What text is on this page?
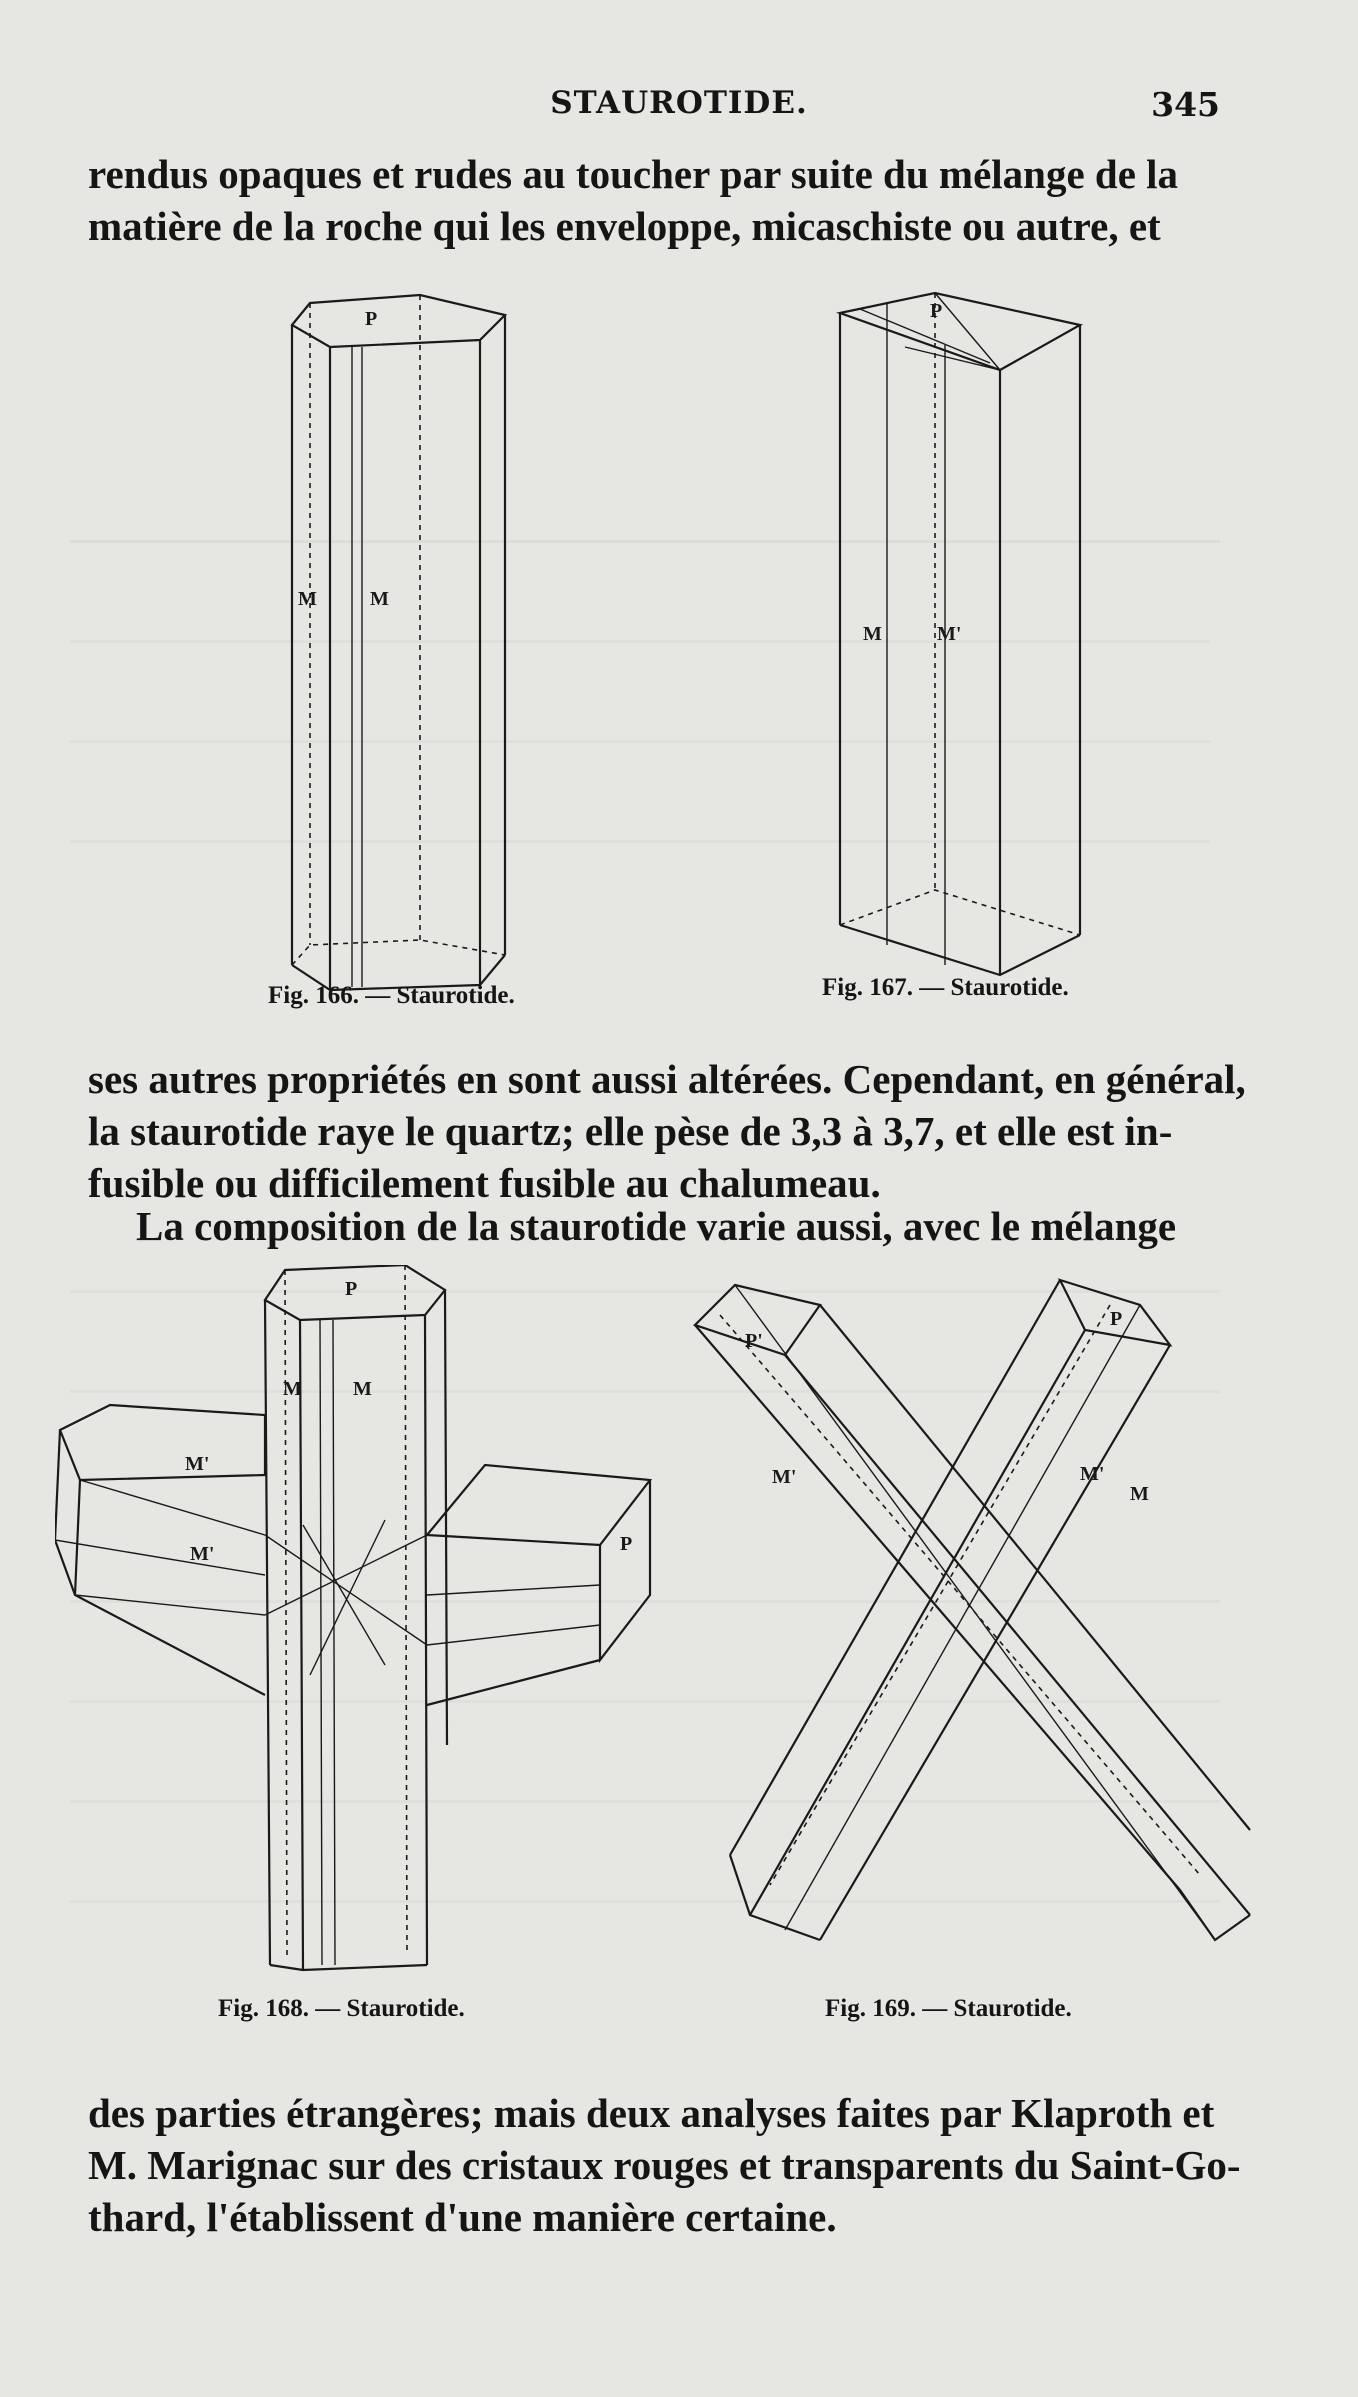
STAUROTIDE.	345
rendus opaques et rudes au toucher par suite du mélange de la
matière de la roche qui les enveloppe, micaschiste ou autre, et
P
M	M
Fig. 166. — Staurotide.
P
M	M'
Fig. 167. — Staurotide.
ses autres propriétés en sont aussi altérées. Cependant, en général,
la staurotide raye le quartz; elle pèse de 3,3 à 3,7, et elle est in-
fusible ou difficilement fusible au chalumeau.
La composition de la staurotide varie aussi, avec le mélange
P
M	M
M'
M'	P
Fig. 168. — Staurotide.
P'
P
M'	M'
M
Fig. 169. — Staurotide.
des parties étrangères; mais deux analyses faites par Klaproth et
M. Marignac sur des cristaux rouges et transparents du Saint-Go-
thard, l'établissent d'une manière certaine.
